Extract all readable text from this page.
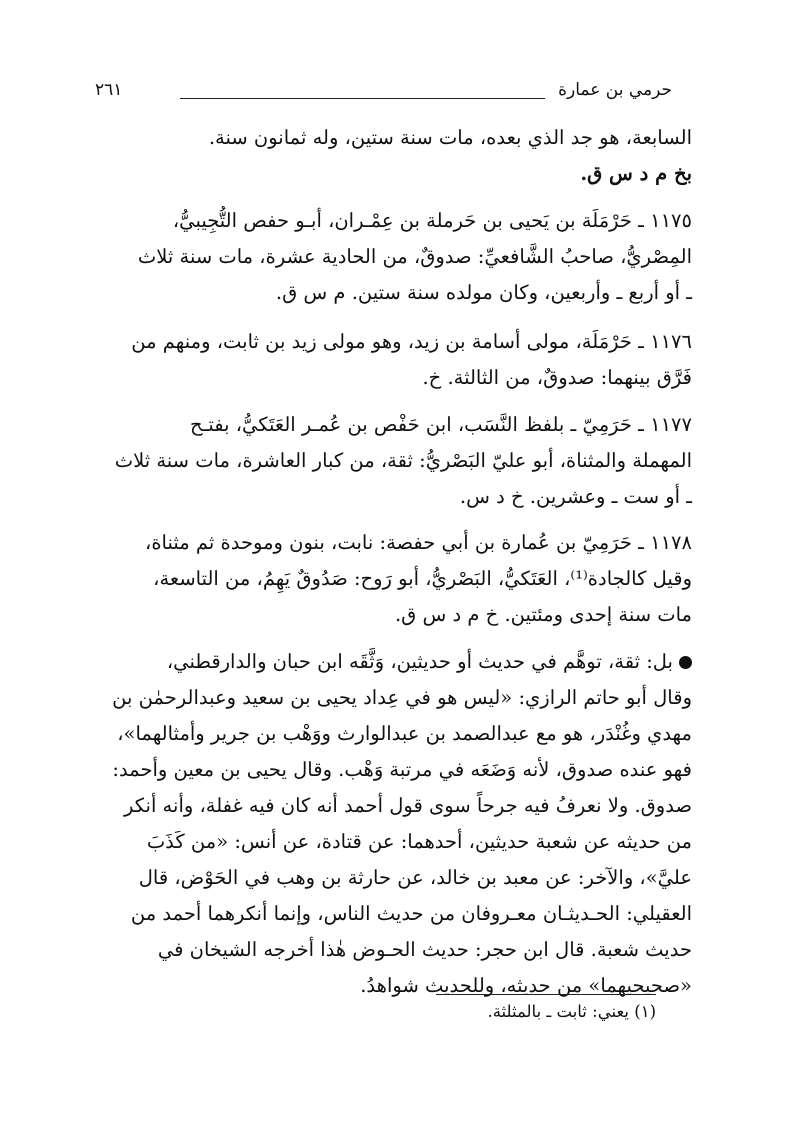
حرمي بن عمارة
٢٦١

السابعة، هو جد الذي بعده، مات سنة ستين، وله ثمانون سنة.

بخ م د س ق.

١١٧٥ ـ حَرْمَلَة بن يَحيى بن حَرملة بن عِمْـران، أبـو حفص التُّجِيبيُّ،

المِصْريُّ، صاحبُ الشَّافعيِّ: صدوقٌ، من الحادية عشرة، مات سنة ثلاث

ـ أو أربع ـ وأربعين، وكان مولده سنة ستين. م س ق.

١١٧٦ ـ حَرْمَلَة، مولى أسامة بن زيد، وهو مولى زيد بن ثابت، ومنهم من

فَرَّق بينهما: صدوقٌ، من الثالثة. خ.

١١٧٧ ـ حَرَمِيّ ـ بلفظ النَّسَب، ابن حَفْص بن عُمـر العَتَكيُّ، بفتـح

المهملة والمثناة، أبو عليّ البَصْريُّ: ثقة، من كبار العاشرة، مات سنة ثلاث

ـ أو ست ـ وعشرين. خ د س.

١١٧٨ ـ حَرَمِيّ بن عُمارة بن أبي حفصة: نابت، بنون وموحدة ثم مثناة،

وقيل كالجادة⁽¹⁾، العَتَكيُّ، البَصْريُّ، أبو رَوح: صَدُوقٌ يَهِمُ، من التاسعة،

مات سنة إحدى ومئتين. خ م د س ق.

بل: ثقة، توهَّم في حديث أو حديثين، وَثَّقَه ابن حبان والدارقطني،

وقال أبو حاتم الرازي: «ليس هو في عِداد يحيى بن سعيد وعبدالرحمٰن بن

مهدي وغُنْدَر، هو مع عبدالصمد بن عبدالوارث ووَهْب بن جرير وأمثالهما»،

فهو عنده صدوق، لأنه وَضَعَه في مرتبة وَهْب. وقال يحيى بن معين وأحمد:

صدوق. ولا نعرفُ فيه جرحاً سوى قول أحمد أنه كان فيه غفلة، وأنه أنكر

من حديثه عن شعبة حديثين، أحدهما: عن قتادة، عن أنس: «من كَذَبَ

عليَّ»، والآخر: عن معبد بن خالد، عن حارثة بن وهب في الحَوْض، قال

العقيلي: الحـديثـان معـروفان من حديث الناس، وإنما أنكرهما أحمد من

حديث شعبة. قال ابن حجر: حديث الحـوض هٰذا أخرجه الشيخان في

«صحيحيهما» من حديثه، وللحديث شواهدُ.

(١) يعني: ثابت ـ بالمثلثة.
